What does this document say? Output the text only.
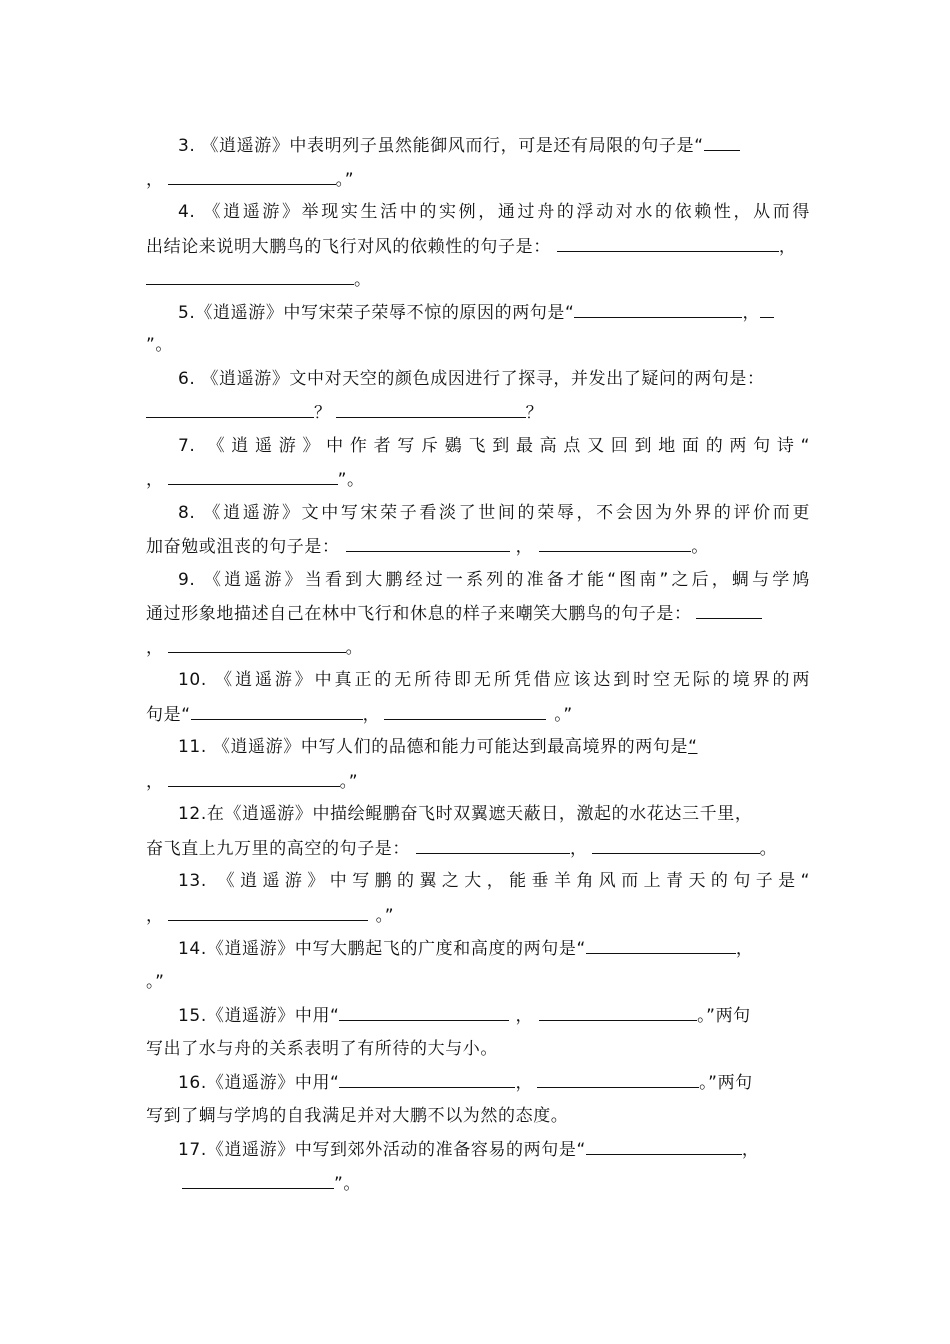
3. 《逍遥游》中表明列子虽然能御风而行，可是还有局限的句子是“
，	。”
4. 《逍遥游》举现实生活中的实例，通过舟的浮动对水的依赖性，从而得
出结论来说明大鹏鸟的飞行对风的依赖性的句子是：	，
。
5.《逍遥游》中写宋荣子荣辱不惊的原因的两句是“	，
”。
6. 《逍遥游》文中对天空的颜色成因进行了探寻，并发出了疑问的两句是：
？	？
7. 《逍遥游》中作者写斥鷃飞到最高点又回到地面的两句诗“
，	”。
8. 《逍遥游》文中写宋荣子看淡了世间的荣辱，不会因为外界的评价而更
加奋勉或沮丧的句子是：	，	。
9. 《逍遥游》当看到大鹏经过一系列的准备才能“图南”之后，蜩与学鸠
通过形象地描述自己在林中飞行和休息的样子来嘲笑大鹏鸟的句子是：
，	。
10. 《逍遥游》中真正的无所待即无所凭借应该达到时空无际的境界的两
句是“	，	。”
11. 《逍遥游》中写人们的品德和能力可能达到最高境界的两句是“
，	。”
12.在《逍遥游》中描绘鲲鹏奋飞时双翼遮天蔽日，激起的水花达三千里，
奋飞直上九万里的高空的句子是：	，	。
13. 《逍遥游》中写鹏的翼之大，能垂羊角风而上青天的句子是“
，	。”
14.《逍遥游》中写大鹏起飞的广度和高度的两句是“	，
。”
15.《逍遥游》中用“	，	。”两句
写出了水与舟的关系表明了有所待的大与小。
16.《逍遥游》中用“	，	。”两句
写到了蜩与学鸠的自我满足并对大鹏不以为然的态度。
17.《逍遥游》中写到郊外活动的准备容易的两句是“	，
”。
